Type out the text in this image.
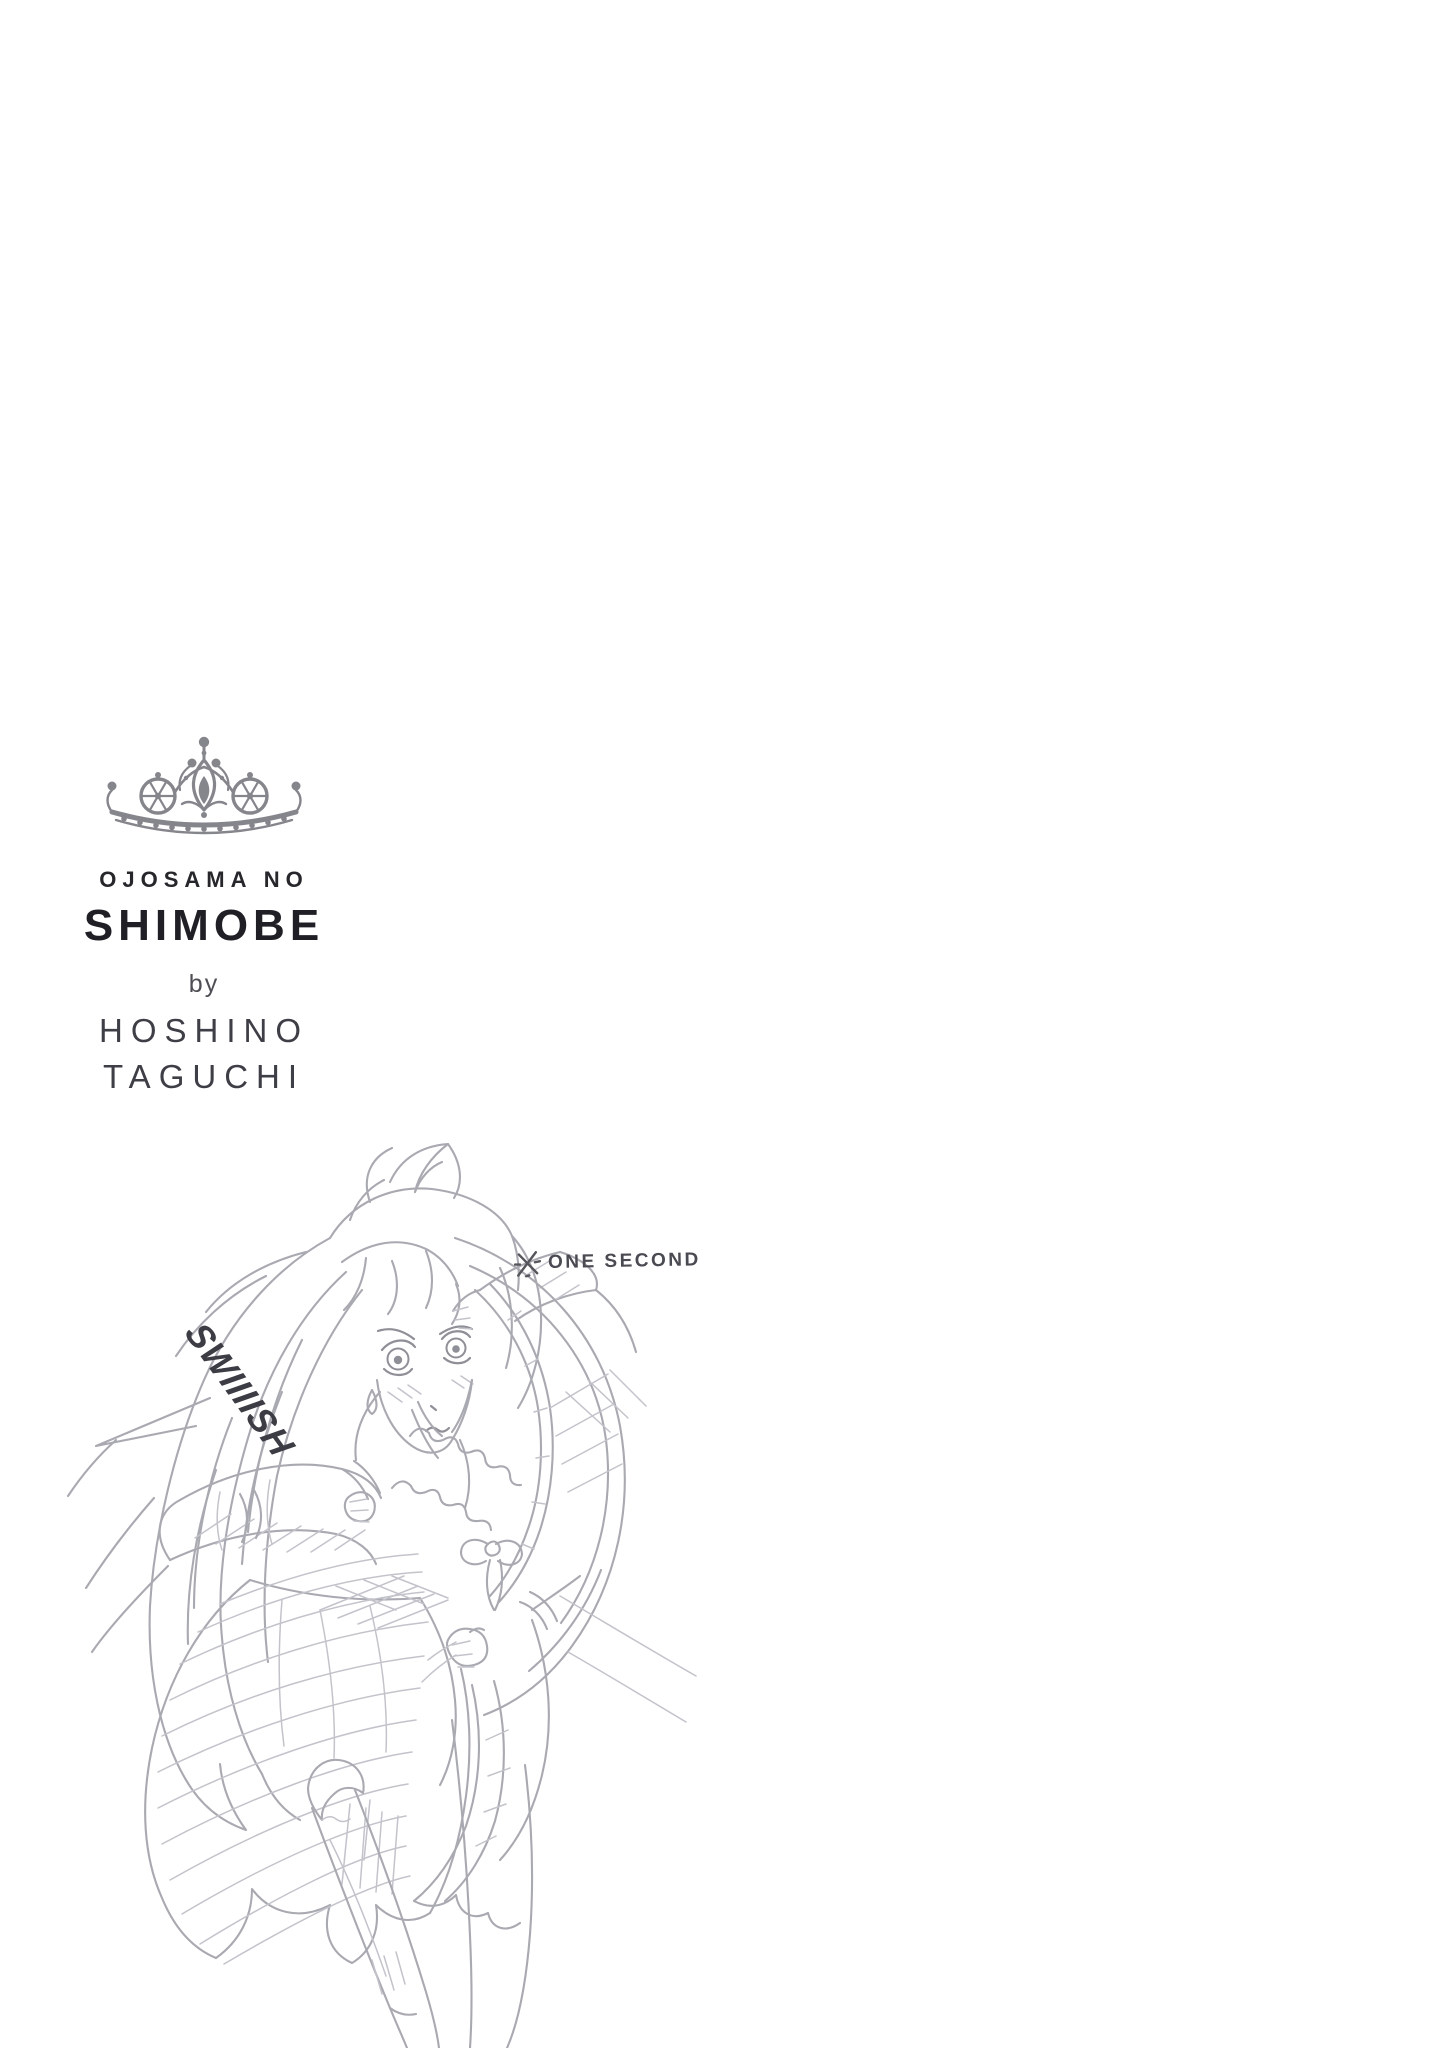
OJOSAMA NO
SHIMOBE
by
HOSHINO
TAGUCHI
SWIIIISH
ONE SECOND
